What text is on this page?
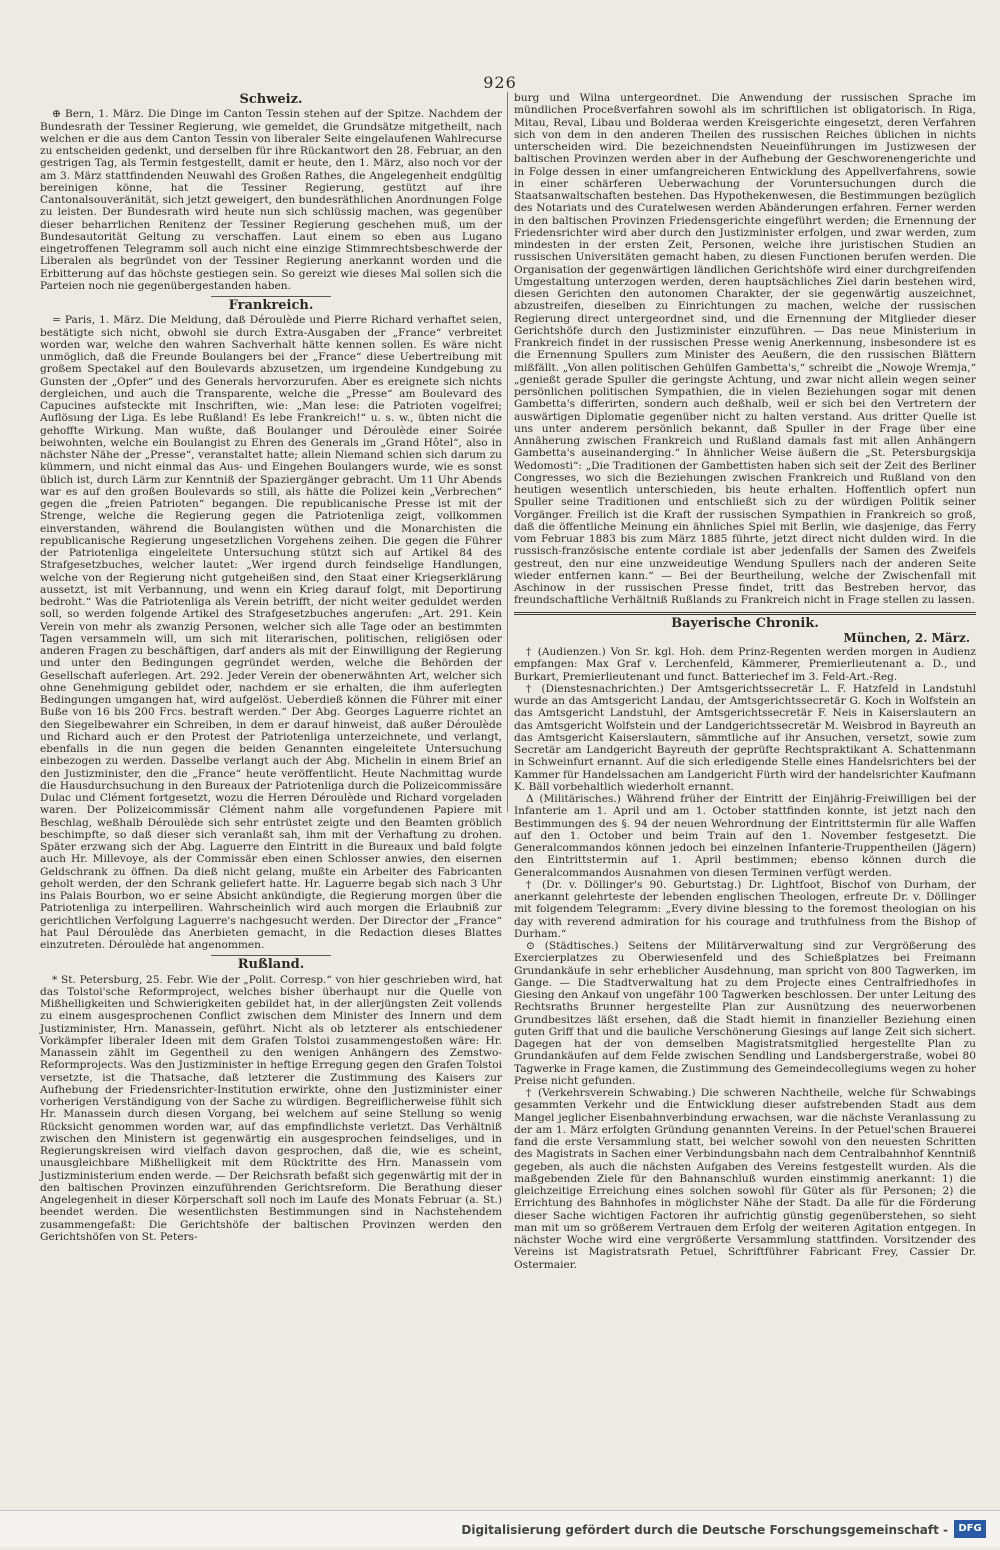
926
Schweiz.

⊕ Bern, 1. März. Die Dinge im Canton Tessin stehen auf der Spitze. Nachdem der Bundesrath der Tessiner Regierung, wie gemeldet, die Grundsätze mitgetheilt, nach welchen er die aus dem Canton Tessin von liberaler Seite eingelaufenen Wahlrecurse zu entscheiden gedenkt, und derselben für ihre Rückantwort den 28. Februar, an den gestrigen Tag, als Termin festgestellt, damit er heute, den 1. März, also noch vor der am 3. März stattfindenden Neuwahl des Großen Rathes, die Angelegenheit endgültig bereinigen könne, hat die Tessiner Regierung, gestützt auf ihre Cantonalsouveränität, sich jetzt geweigert, den bundesräthlichen Anordnungen Folge zu leisten. Der Bundesrath wird heute nun sich schlüssig machen, was gegenüber dieser beharrlichen Renitenz der Tessiner Regierung geschehen muß, um der Bundesautorität Geltung zu verschaffen. Laut einem so eben aus Lugano eingetroffenen Telegramm soll auch nicht eine einzige Stimmrechtsbeschwerde der Liberalen als begründet von der Tessiner Regierung anerkannt worden und die Erbitterung auf das höchste gestiegen sein. So gereizt wie dieses Mal sollen sich die Parteien noch nie gegenübergestanden haben.

Frankreich.

= Paris, 1. März. Die Meldung, daß Déroulède und Pierre Richard verhaftet seien, bestätigte sich nicht, obwohl sie durch Extra-Ausgaben der „France“ verbreitet worden war, welche den wahren Sachverhalt hätte kennen sollen. Es wäre nicht unmöglich, daß die Freunde Boulangers bei der „France“ diese Uebertreibung mit großem Spectakel auf den Boulevards abzusetzen, um irgendeine Kundgebung zu Gunsten der „Opfer“ und des Generals hervorzurufen. Aber es ereignete sich nichts dergleichen, und auch die Transparente, welche die „Presse“ am Boulevard des Capucines aufsteckte mit Inschriften, wie: „Man lese: die Patrioten vogelfrei; Auflösung der Liga. Es lebe Rußland! Es lebe Frankreich!“ u. s. w., übten nicht die gehoffte Wirkung. Man wußte, daß Boulanger und Déroulède einer Soirée beiwohnten, welche ein Boulangist zu Ehren des Generals im „Grand Hôtel“, also in nächster Nähe der „Presse“, veranstaltet hatte; allein Niemand schien sich darum zu kümmern, und nicht einmal das Aus- und Eingehen Boulangers wurde, wie es sonst üblich ist, durch Lärm zur Kenntniß der Spaziergänger gebracht. Um 11 Uhr Abends war es auf den großen Boulevards so still, als hätte die Polizei kein „Verbrechen“ gegen die „freien Patrioten“ begangen. Die republicanische Presse ist mit der Strenge, welche die Regierung gegen die Patriotenliga zeigt, vollkommen einverstanden, während die Boulangisten wüthen und die Monarchisten die republicanische Regierung ungesetzlichen Vorgehens zeihen. Die gegen die Führer der Patriotenliga eingeleitete Untersuchung stützt sich auf Artikel 84 des Strafgesetzbuches, welcher lautet: „Wer irgend durch feindselige Handlungen, welche von der Regierung nicht gutgeheißen sind, den Staat einer Kriegserklärung aussetzt, ist mit Verbannung, und wenn ein Krieg darauf folgt, mit Deportirung bedroht.“ Was die Patriotenliga als Verein betrifft, der nicht weiter geduldet werden soll, so werden folgende Artikel des Strafgesetzbuches angerufen: „Art. 291. Kein Verein von mehr als zwanzig Personen, welcher sich alle Tage oder an bestimmten Tagen versammeln will, um sich mit literarischen, politischen, religiösen oder anderen Fragen zu beschäftigen, darf anders als mit der Einwilligung der Regierung und unter den Bedingungen gegründet werden, welche die Behörden der Gesellschaft auferlegen. Art. 292. Jeder Verein der obenerwähnten Art, welcher sich ohne Genehmigung gebildet oder, nachdem er sie erhalten, die ihm auferlegten Bedingungen umgangen hat, wird aufgelöst. Ueberdieß können die Führer mit einer Buße von 16 bis 200 Frcs. bestraft werden.“ Der Abg. Georges Laguerre richtet an den Siegelbewahrer ein Schreiben, in dem er darauf hinweist, daß außer Déroulède und Richard auch er den Protest der Patriotenliga unterzeichnete, und verlangt, ebenfalls in die nun gegen die beiden Genannten eingeleitete Untersuchung einbezogen zu werden. Dasselbe verlangt auch der Abg. Michelin in einem Brief an den Justizminister, den die „France“ heute veröffentlicht. Heute Nachmittag wurde die Hausdurchsuchung in den Bureaux der Patriotenliga durch die Polizeicommissäre Dulac und Clément fortgesetzt, wozu die Herren Déroulède und Richard vorgeladen waren. Der Polizeicommissär Clément nahm alle vorgefundenen Papiere mit Beschlag, weßhalb Déroulède sich sehr entrüstet zeigte und den Beamten gröblich beschimpfte, so daß dieser sich veranlaßt sah, ihm mit der Verhaftung zu drohen. Später erzwang sich der Abg. Laguerre den Eintritt in die Bureaux und bald folgte auch Hr. Millevoye, als der Commissär eben einen Schlosser anwies, den eisernen Geldschrank zu öffnen. Da dieß nicht gelang, mußte ein Arbeiter des Fabricanten geholt werden, der den Schrank geliefert hatte. Hr. Laguerre begab sich nach 3 Uhr ins Palais Bourbon, wo er seine Absicht ankündigte, die Regierung morgen über die Patriotenliga zu interpelliren. Wahrscheinlich wird auch morgen die Erlaubniß zur gerichtlichen Verfolgung Laguerre's nachgesucht werden. Der Director der „France“ hat Paul Déroulède das Anerbieten gemacht, in die Redaction dieses Blattes einzutreten. Déroulède hat angenommen.

Rußland.

* St. Petersburg, 25. Febr. Wie der „Polit. Corresp.“ von hier geschrieben wird, hat das Tolstoi'sche Reformproject, welches bisher überhaupt nur die Quelle von Mißhelligkeiten und Schwierigkeiten gebildet hat, in der allerjüngsten Zeit vollends zu einem ausgesprochenen Conflict zwischen dem Minister des Innern und dem Justizminister, Hrn. Manassein, geführt. Nicht als ob letzterer als entschiedener Vorkämpfer liberaler Ideen mit dem Grafen Tolstoi zusammengestoßen wäre: Hr. Manassein zählt im Gegentheil zu den wenigen Anhängern des Zemstwo-Reformprojects. Was den Justizminister in heftige Erregung gegen den Grafen Tolstoi versetzte, ist die Thatsache, daß letzterer die Zustimmung des Kaisers zur Aufhebung der Friedensrichter-Institution erwirkte, ohne den Justizminister einer vorherigen Verständigung von der Sache zu würdigen. Begreiflicherweise fühlt sich Hr. Manassein durch diesen Vorgang, bei welchem auf seine Stellung so wenig Rücksicht genommen worden war, auf das empfindlichste verletzt. Das Verhältniß zwischen den Ministern ist gegenwärtig ein ausgesprochen feindseliges, und in Regierungskreisen wird vielfach davon gesprochen, daß die, wie es scheint, unausgleichbare Mißhelligkeit mit dem Rücktritte des Hrn. Manassein vom Justizministerium enden werde. — Der Reichsrath befaßt sich gegenwärtig mit der in den baltischen Provinzen einzuführenden Gerichtsreform. Die Berathung dieser Angelegenheit in dieser Körperschaft soll noch im Laufe des Monats Februar (a. St.) beendet werden. Die wesentlichsten Bestimmungen sind in Nachstehendem zusammengefaßt: Die Gerichtshöfe der baltischen Provinzen werden den Gerichtshöfen von St. Peters-

burg und Wilna untergeordnet. Die Anwendung der russischen Sprache im mündlichen Proceßverfahren sowohl als im schriftlichen ist obligatorisch. In Riga, Mitau, Reval, Libau und Bolderaa werden Kreisgerichte eingesetzt, deren Verfahren sich von dem in den anderen Theilen des russischen Reiches üblichen in nichts unterscheiden wird. Die bezeichnendsten Neueinführungen im Justizwesen der baltischen Provinzen werden aber in der Aufhebung der Geschworenengerichte und in Folge dessen in einer umfangreicheren Entwicklung des Appellverfahrens, sowie in einer schärferen Ueberwachung der Voruntersuchungen durch die Staatsanwaltschaften bestehen. Das Hypothekenwesen, die Bestimmungen bezüglich des Notariats und des Curatelwesen werden Abänderungen erfahren. Ferner werden in den baltischen Provinzen Friedensgerichte eingeführt werden; die Ernennung der Friedensrichter wird aber durch den Justizminister erfolgen, und zwar werden, zum mindesten in der ersten Zeit, Personen, welche ihre juristischen Studien an russischen Universitäten gemacht haben, zu diesen Functionen berufen werden. Die Organisation der gegenwärtigen ländlichen Gerichtshöfe wird einer durchgreifenden Umgestaltung unterzogen werden, deren hauptsächliches Ziel darin bestehen wird, diesen Gerichten den autonomen Charakter, der sie gegenwärtig auszeichnet, abzustreifen, dieselben zu Einrichtungen zu machen, welche der russischen Regierung direct untergeordnet sind, und die Ernennung der Mitglieder dieser Gerichtshöfe durch den Justizminister einzuführen. — Das neue Ministerium in Frankreich findet in der russischen Presse wenig Anerkennung, insbesondere ist es die Ernennung Spullers zum Minister des Aeußern, die den russischen Blättern mißfällt. „Von allen politischen Gehülfen Gambetta's,“ schreibt die „Nowoje Wremja,“ „genießt gerade Spuller die geringste Achtung, und zwar nicht allein wegen seiner persönlichen politischen Sympathien, die in vielen Beziehungen sogar mit denen Gambetta's differirten, sondern auch deßhalb, weil er sich bei den Vertretern der auswärtigen Diplomatie gegenüber nicht zu halten verstand. Aus dritter Quelle ist uns unter anderem persönlich bekannt, daß Spuller in der Frage über eine Annäherung zwischen Frankreich und Rußland damals fast mit allen Anhängern Gambetta's auseinanderging.“ In ähnlicher Weise äußern die „St. Petersburgskija Wedomosti“: „Die Traditionen der Gambettisten haben sich seit der Zeit des Berliner Congresses, wo sich die Beziehungen zwischen Frankreich und Rußland von den heutigen wesentlich unterschieden, bis heute erhalten. Hoffentlich opfert nun Spuller seine Traditionen und entschließt sich zu der würdigen Politik seiner Vorgänger. Freilich ist die Kraft der russischen Sympathien in Frankreich so groß, daß die öffentliche Meinung ein ähnliches Spiel mit Berlin, wie dasjenige, das Ferry vom Februar 1883 bis zum März 1885 führte, jetzt direct nicht dulden wird. In die russisch-französische entente cordiale ist aber jedenfalls der Samen des Zweifels gestreut, den nur eine unzweideutige Wendung Spullers nach der anderen Seite wieder entfernen kann.“ — Bei der Beurtheilung, welche der Zwischenfall mit Aschinow in der russischen Presse findet, tritt das Bestreben hervor, das freundschaftliche Verhältniß Rußlands zu Frankreich nicht in Frage stellen zu lassen.

Bayerische Chronik.
München, 2. März.

† (Audienzen.) Von Sr. kgl. Hoh. dem Prinz-Regenten werden morgen in Audienz empfangen: Max Graf v. Lerchenfeld, Kämmerer, Premierlieutenant a. D., und Burkart, Premierlieutenant und funct. Batteriechef im 3. Feld-Art.-Reg.

† (Dienstesnachrichten.) Der Amtsgerichtssecretär L. F. Hatzfeld in Landstuhl wurde an das Amtsgericht Landau, der Amtsgerichtssecretär G. Koch in Wolfstein an das Amtsgericht Landstuhl, der Amtsgerichtssecretär F. Neis in Kaiserslautern an das Amtsgericht Wolfstein und der Landgerichtssecretär M. Weisbrod in Bayreuth an das Amtsgericht Kaiserslautern, sämmtliche auf ihr Ansuchen, versetzt, sowie zum Secretär am Landgericht Bayreuth der geprüfte Rechtspraktikant A. Schattenmann in Schweinfurt ernannt. Auf die sich erledigende Stelle eines Handelsrichters bei der Kammer für Handelssachen am Landgericht Fürth wird der handelsrichter Kaufmann K. Bäll vorbehaltlich wiederholt ernannt.

Δ (Militärisches.) Während früher der Eintritt der Einjährig-Freiwilligen bei der Infanterie am 1. April und am 1. October stattfinden konnte, ist jetzt nach den Bestimmungen des §. 94 der neuen Wehrordnung der Eintrittstermin für alle Waffen auf den 1. October und beim Train auf den 1. November festgesetzt. Die Generalcommandos können jedoch bei einzelnen Infanterie-Truppentheilen (Jägern) den Eintrittstermin auf 1. April bestimmen; ebenso können durch die Generalcommandos Ausnahmen von diesen Terminen verfügt werden.

† (Dr. v. Döllinger's 90. Geburtstag.) Dr. Lightfoot, Bischof von Durham, der anerkannt gelehrteste der lebenden englischen Theologen, erfreute Dr. v. Döllinger mit folgendem Telegramm: „Every divine blessing to the foremost theologian on his day with reverend admiration for his courage and truthfulness from the Bishop of Durham.“

⊙ (Städtisches.) Seitens der Militärverwaltung sind zur Vergrößerung des Exercierplatzes zu Oberwiesenfeld und des Schießplatzes bei Freimann Grundankäufe in sehr erheblicher Ausdehnung, man spricht von 800 Tagwerken, im Gange. — Die Stadtverwaltung hat zu dem Projecte eines Centralfriedhofes in Giesing den Ankauf von ungefähr 100 Tagwerken beschlossen. Der unter Leitung des Rechtsraths Brunner hergestellte Plan zur Ausnützung des neuerworbenen Grundbesitzes läßt ersehen, daß die Stadt hiemit in finanzieller Beziehung einen guten Griff that und die bauliche Verschönerung Giesings auf lange Zeit sich sichert. Dagegen hat der von demselben Magistratsmitglied hergestellte Plan zu Grundankäufen auf dem Felde zwischen Sendling und Landsbergerstraße, wobei 80 Tagwerke in Frage kamen, die Zustimmung des Gemeindecollegiums wegen zu hoher Preise nicht gefunden.

† (Verkehrsverein Schwabing.) Die schweren Nachtheile, welche für Schwabings gesammten Verkehr und die Entwicklung dieser aufstrebenden Stadt aus dem Mangel jeglicher Eisenbahnverbindung erwachsen, war die nächste Veranlassung zu der am 1. März erfolgten Gründung genannten Vereins. In der Petuel'schen Brauerei fand die erste Versammlung statt, bei welcher sowohl von den neuesten Schritten des Magistrats in Sachen einer Verbindungsbahn nach dem Centralbahnhof Kenntniß gegeben, als auch die nächsten Aufgaben des Vereins festgestellt wurden. Als die maßgebenden Ziele für den Bahnanschluß wurden einstimmig anerkannt: 1) die gleichzeitige Erreichung eines solchen sowohl für Güter als für Personen; 2) die Errichtung des Bahnhofes in möglichster Nähe der Stadt. Da alle für die Förderung dieser Sache wichtigen Factoren ihr aufrichtig günstig gegenüberstehen, so sieht man mit um so größerem Vertrauen dem Erfolg der weiteren Agitation entgegen. In nächster Woche wird eine vergrößerte Versammlung stattfinden. Vorsitzender des Vereins ist Magistratsrath Petuel, Schriftführer Fabricant Frey, Cassier Dr. Ostermaier.

Digitalisierung gefördert durch die Deutsche Forschungsgemeinschaft -	DFG
